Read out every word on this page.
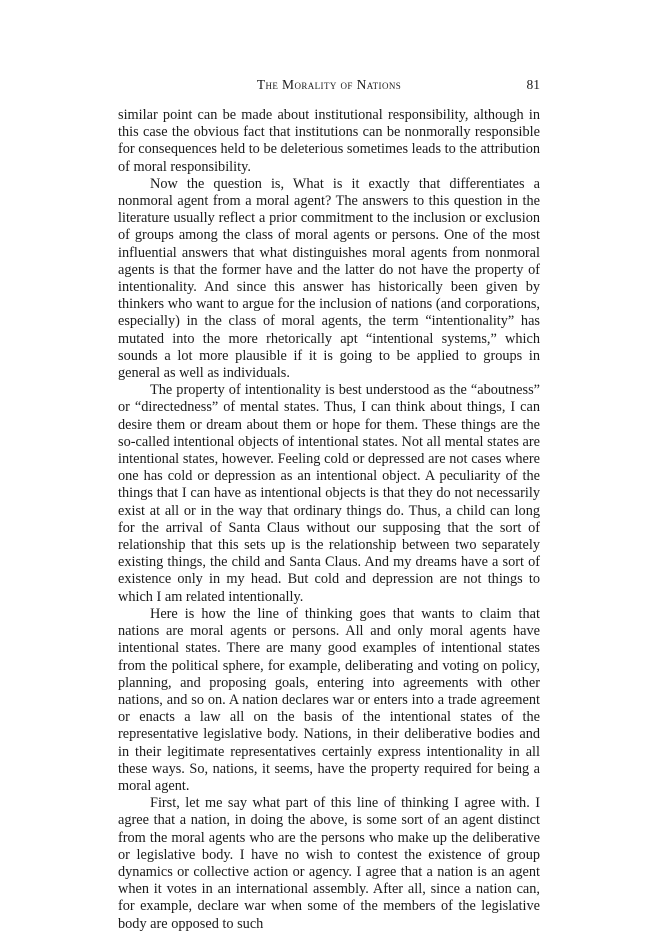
The Morality of Nations	81

similar point can be made about institutional responsibility, although in this case the obvious fact that institutions can be nonmorally responsible for consequences held to be deleterious sometimes leads to the attribution of moral responsibility.

Now the question is, What is it exactly that differentiates a nonmoral agent from a moral agent? The answers to this question in the literature usually reflect a prior commitment to the inclusion or exclusion of groups among the class of moral agents or persons. One of the most influential answers that what distinguishes moral agents from nonmoral agents is that the former have and the latter do not have the property of intentionality. And since this answer has historically been given by thinkers who want to argue for the inclusion of nations (and corporations, especially) in the class of moral agents, the term “intentionality” has mutated into the more rhetorically apt “intentional systems,” which sounds a lot more plausible if it is going to be applied to groups in general as well as individuals.

The property of intentionality is best understood as the “aboutness” or “directedness” of mental states. Thus, I can think about things, I can desire them or dream about them or hope for them. These things are the so-called intentional objects of intentional states. Not all mental states are intentional states, however. Feeling cold or depressed are not cases where one has cold or depression as an intentional object. A peculiarity of the things that I can have as intentional objects is that they do not necessarily exist at all or in the way that ordinary things do. Thus, a child can long for the arrival of Santa Claus without our supposing that the sort of relationship that this sets up is the relationship between two separately existing things, the child and Santa Claus. And my dreams have a sort of existence only in my head. But cold and depression are not things to which I am related intentionally.

Here is how the line of thinking goes that wants to claim that nations are moral agents or persons. All and only moral agents have intentional states. There are many good examples of intentional states from the political sphere, for example, deliberating and voting on policy, planning, and proposing goals, entering into agreements with other nations, and so on. A nation declares war or enters into a trade agreement or enacts a law all on the basis of the intentional states of the representative legislative body. Nations, in their deliberative bodies and in their legitimate representatives certainly express intentionality in all these ways. So, nations, it seems, have the property required for being a moral agent.

First, let me say what part of this line of thinking I agree with. I agree that a nation, in doing the above, is some sort of an agent distinct from the moral agents who are the persons who make up the deliberative or legislative body. I have no wish to contest the existence of group dynamics or collective action or agency. I agree that a nation is an agent when it votes in an international assembly. After all, since a nation can, for example, declare war when some of the members of the legislative body are opposed to such
